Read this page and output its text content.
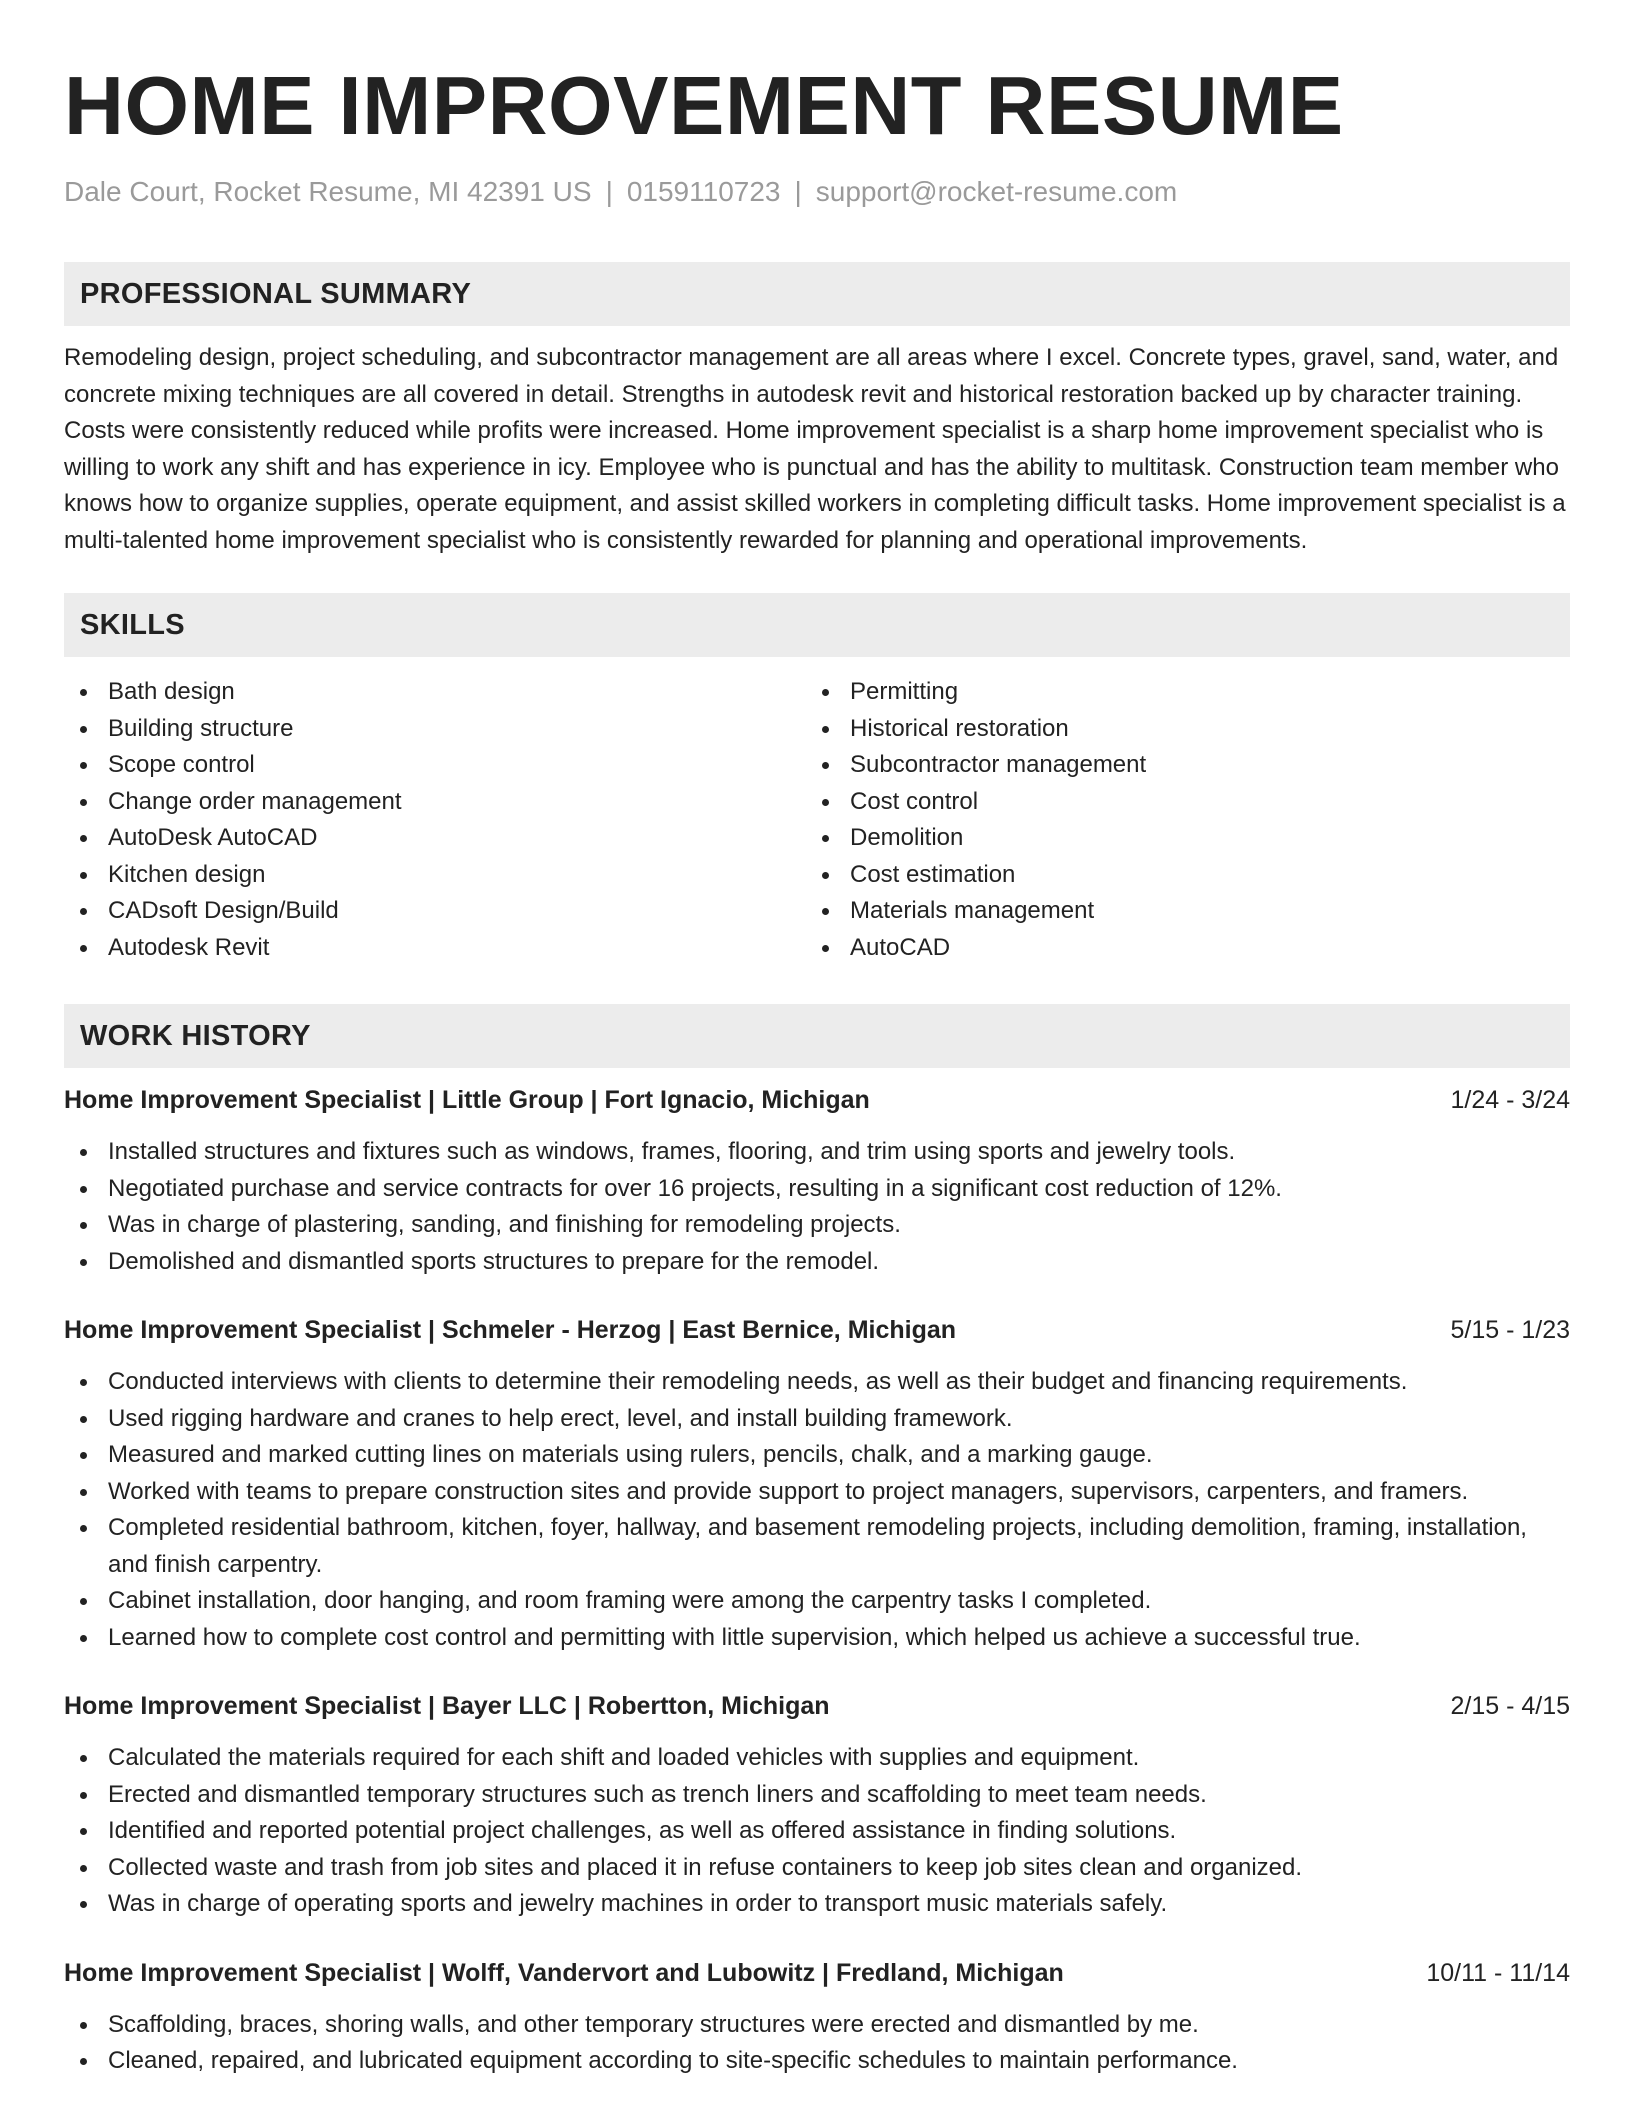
HOME IMPROVEMENT RESUME
Dale Court, Rocket Resume, MI 42391 US | 0159110723 | support@rocket-resume.com
PROFESSIONAL SUMMARY
Remodeling design, project scheduling, and subcontractor management are all areas where I excel. Concrete types, gravel, sand, water, and concrete mixing techniques are all covered in detail. Strengths in autodesk revit and historical restoration backed up by character training. Costs were consistently reduced while profits were increased. Home improvement specialist is a sharp home improvement specialist who is willing to work any shift and has experience in icy. Employee who is punctual and has the ability to multitask. Construction team member who knows how to organize supplies, operate equipment, and assist skilled workers in completing difficult tasks. Home improvement specialist is a multi-talented home improvement specialist who is consistently rewarded for planning and operational improvements.
SKILLS
Bath design
Building structure
Scope control
Change order management
AutoDesk AutoCAD
Kitchen design
CADsoft Design/Build
Autodesk Revit
Permitting
Historical restoration
Subcontractor management
Cost control
Demolition
Cost estimation
Materials management
AutoCAD
WORK HISTORY
Home Improvement Specialist | Little Group | Fort Ignacio, Michigan	1/24 - 3/24
Installed structures and fixtures such as windows, frames, flooring, and trim using sports and jewelry tools.
Negotiated purchase and service contracts for over 16 projects, resulting in a significant cost reduction of 12%.
Was in charge of plastering, sanding, and finishing for remodeling projects.
Demolished and dismantled sports structures to prepare for the remodel.
Home Improvement Specialist | Schmeler - Herzog | East Bernice, Michigan	5/15 - 1/23
Conducted interviews with clients to determine their remodeling needs, as well as their budget and financing requirements.
Used rigging hardware and cranes to help erect, level, and install building framework.
Measured and marked cutting lines on materials using rulers, pencils, chalk, and a marking gauge.
Worked with teams to prepare construction sites and provide support to project managers, supervisors, carpenters, and framers.
Completed residential bathroom, kitchen, foyer, hallway, and basement remodeling projects, including demolition, framing, installation, and finish carpentry.
Cabinet installation, door hanging, and room framing were among the carpentry tasks I completed.
Learned how to complete cost control and permitting with little supervision, which helped us achieve a successful true.
Home Improvement Specialist | Bayer LLC | Robertton, Michigan	2/15 - 4/15
Calculated the materials required for each shift and loaded vehicles with supplies and equipment.
Erected and dismantled temporary structures such as trench liners and scaffolding to meet team needs.
Identified and reported potential project challenges, as well as offered assistance in finding solutions.
Collected waste and trash from job sites and placed it in refuse containers to keep job sites clean and organized.
Was in charge of operating sports and jewelry machines in order to transport music materials safely.
Home Improvement Specialist | Wolff, Vandervort and Lubowitz | Fredland, Michigan	10/11 - 11/14
Scaffolding, braces, shoring walls, and other temporary structures were erected and dismantled by me.
Cleaned, repaired, and lubricated equipment according to site-specific schedules to maintain performance.
